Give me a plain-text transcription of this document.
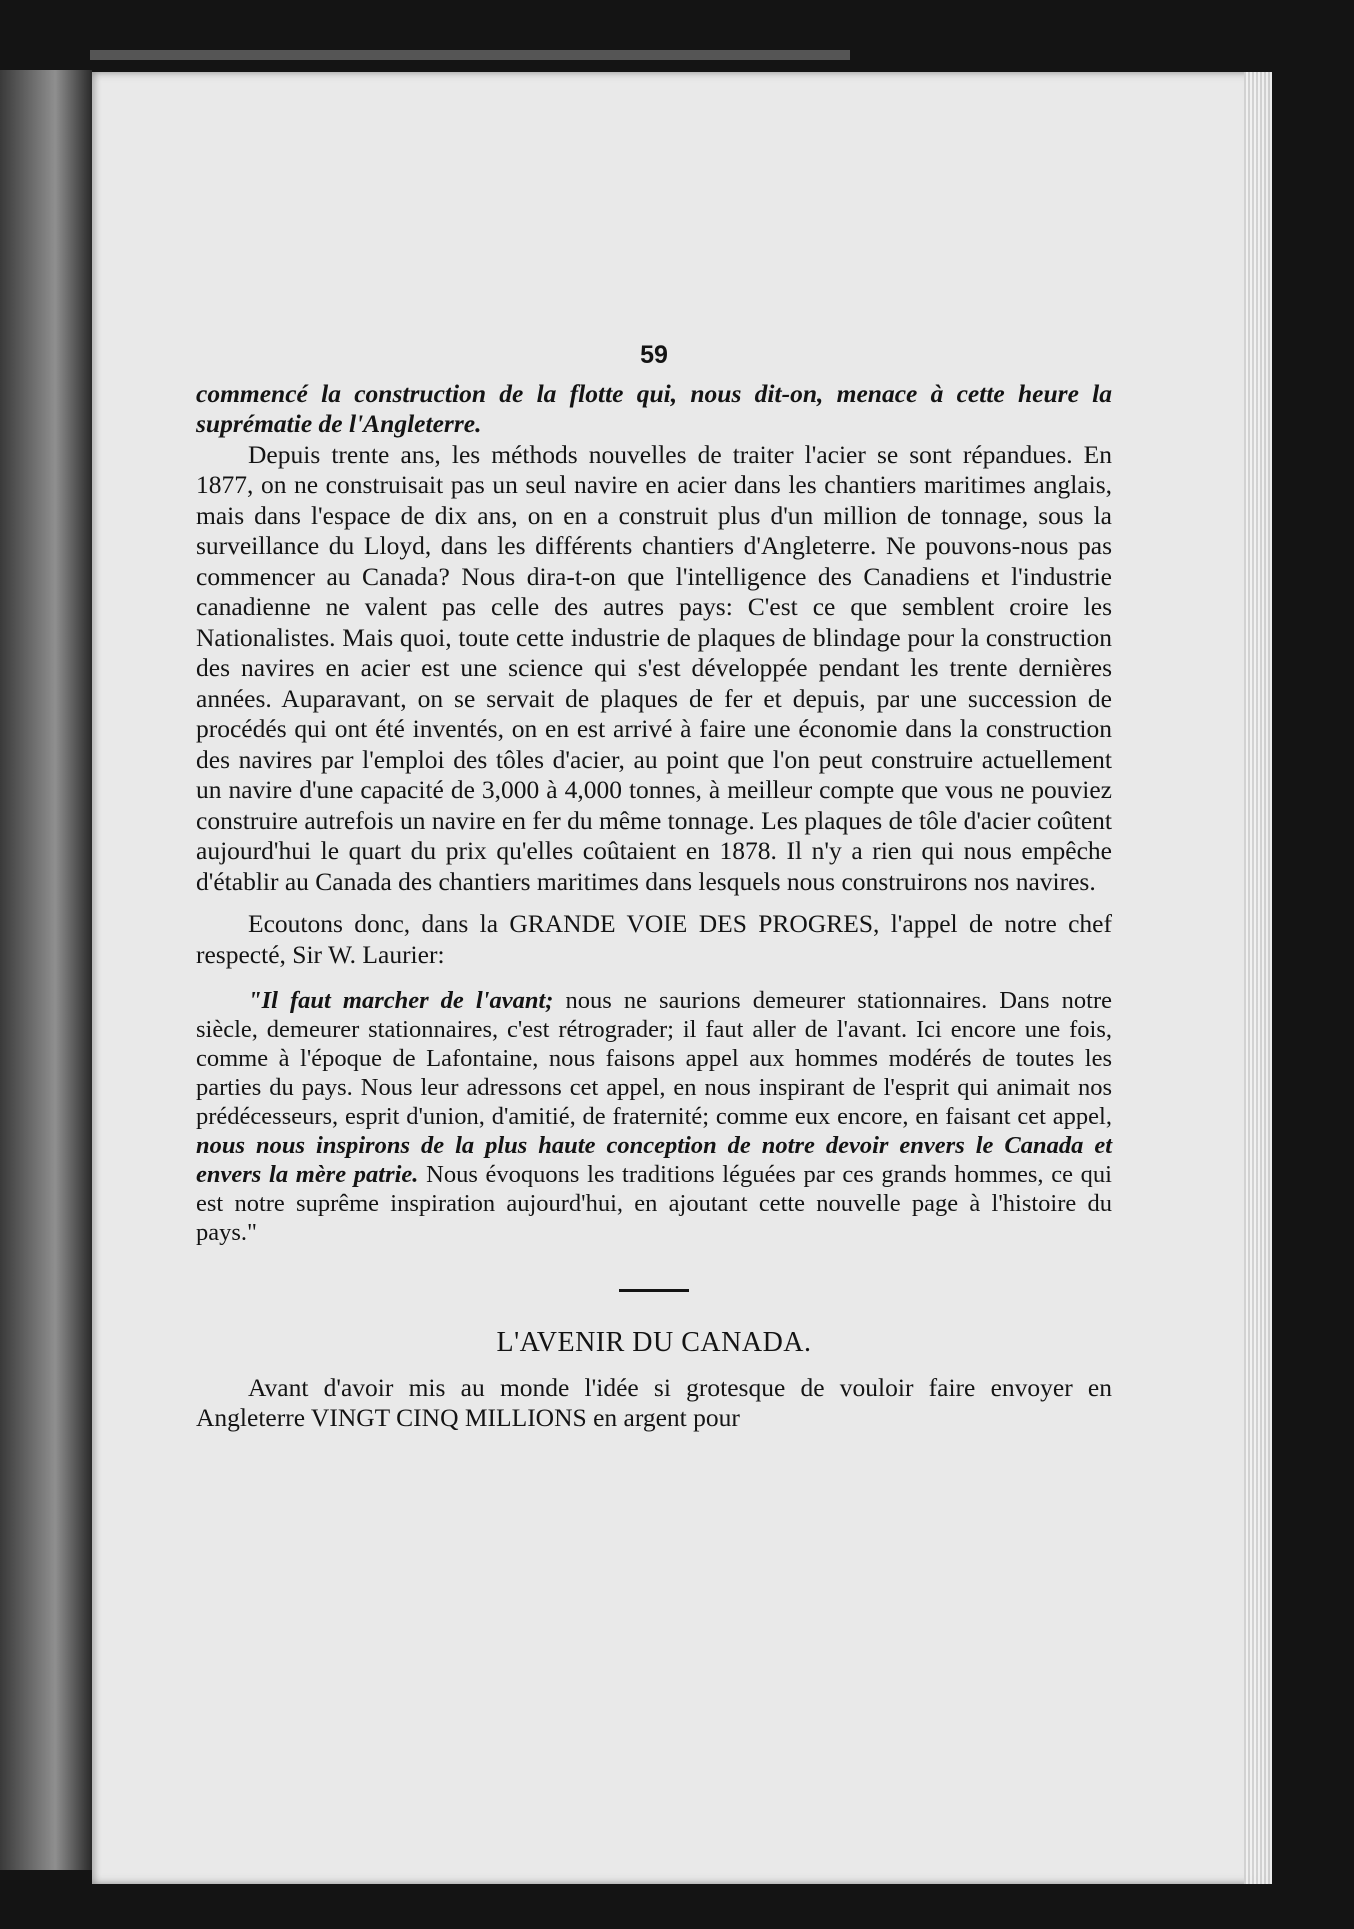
59

commencé la construction de la flotte qui, nous dit-on, menace à cette heure la suprématie de l'Angleterre.

Depuis trente ans, les méthods nouvelles de traiter l'acier se sont répandues. En 1877, on ne construisait pas un seul navire en acier dans les chantiers maritimes anglais, mais dans l'espace de dix ans, on en a construit plus d'un million de tonnage, sous la surveillance du Lloyd, dans les différents chantiers d'Angleterre. Ne pouvons-nous pas commencer au Canada? Nous dira-t-on que l'intelligence des Canadiens et l'industrie canadienne ne valent pas celle des autres pays: C'est ce que semblent croire les Nationalistes. Mais quoi, toute cette industrie de plaques de blindage pour la construction des navires en acier est une science qui s'est développée pendant les trente dernières années. Auparavant, on se servait de plaques de fer et depuis, par une succession de procédés qui ont été inventés, on en est arrivé à faire une économie dans la construction des navires par l'emploi des tôles d'acier, au point que l'on peut construire actuellement un navire d'une capacité de 3,000 à 4,000 tonnes, à meilleur compte que vous ne pouviez construire autrefois un navire en fer du même tonnage. Les plaques de tôle d'acier coûtent aujourd'hui le quart du prix qu'elles coûtaient en 1878. Il n'y a rien qui nous empêche d'établir au Canada des chantiers maritimes dans lesquels nous construirons nos navires.

Ecoutons donc, dans la GRANDE VOIE DES PROGRES, l'appel de notre chef respecté, Sir W. Laurier:

"Il faut marcher de l'avant; nous ne saurions demeurer stationnaires. Dans notre siècle, demeurer stationnaires, c'est rétrograder; il faut aller de l'avant. Ici encore une fois, comme à l'époque de Lafontaine, nous faisons appel aux hommes modérés de toutes les parties du pays. Nous leur adressons cet appel, en nous inspirant de l'esprit qui animait nos prédécesseurs, esprit d'union, d'amitié, de fraternité; comme eux encore, en faisant cet appel, nous nous inspirons de la plus haute conception de notre devoir envers le Canada et envers la mère patrie. Nous évoquons les traditions léguées par ces grands hommes, ce qui est notre suprême inspiration aujourd'hui, en ajoutant cette nouvelle page à l'histoire du pays."

L'AVENIR DU CANADA.

Avant d'avoir mis au monde l'idée si grotesque de vouloir faire envoyer en Angleterre VINGT CINQ MILLIONS en argent pour
